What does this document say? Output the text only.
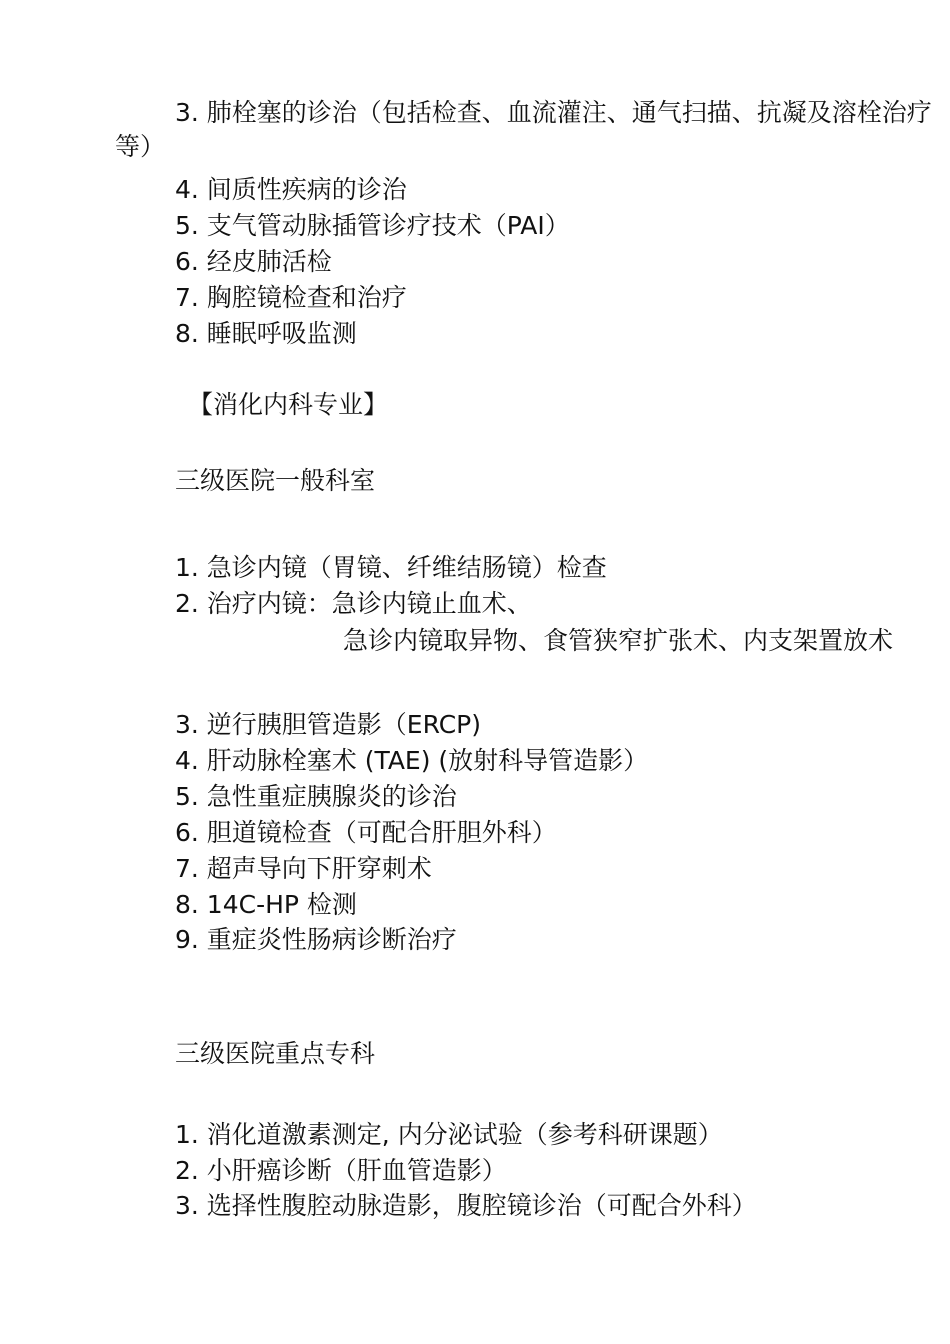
3. 肺栓塞的诊治（包括检查、血流灌注、通气扫描、抗凝及溶栓治疗等）
4. 间质性疾病的诊治
5. 支气管动脉插管诊疗技术（PAI）
6. 经皮肺活检
7. 胸腔镜检查和治疗
8. 睡眠呼吸监测
【消化内科专业】
三级医院一般科室
1. 急诊内镜（胃镜、纤维结肠镜）检查
2. 治疗内镜：急诊内镜止血术、
急诊内镜取异物、食管狭窄扩张术、内支架置放术
3. 逆行胰胆管造影（ERCP)
4. 肝动脉栓塞术 (TAE) (放射科导管造影）
5. 急性重症胰腺炎的诊治
6. 胆道镜检查（可配合肝胆外科）
7. 超声导向下肝穿刺术
8. 14C-HP 检测
9. 重症炎性肠病诊断治疗
三级医院重点专科
1. 消化道激素测定, 内分泌试验（参考科研课题）
2. 小肝癌诊断（肝血管造影）
3. 选择性腹腔动脉造影，腹腔镜诊治（可配合外科）
